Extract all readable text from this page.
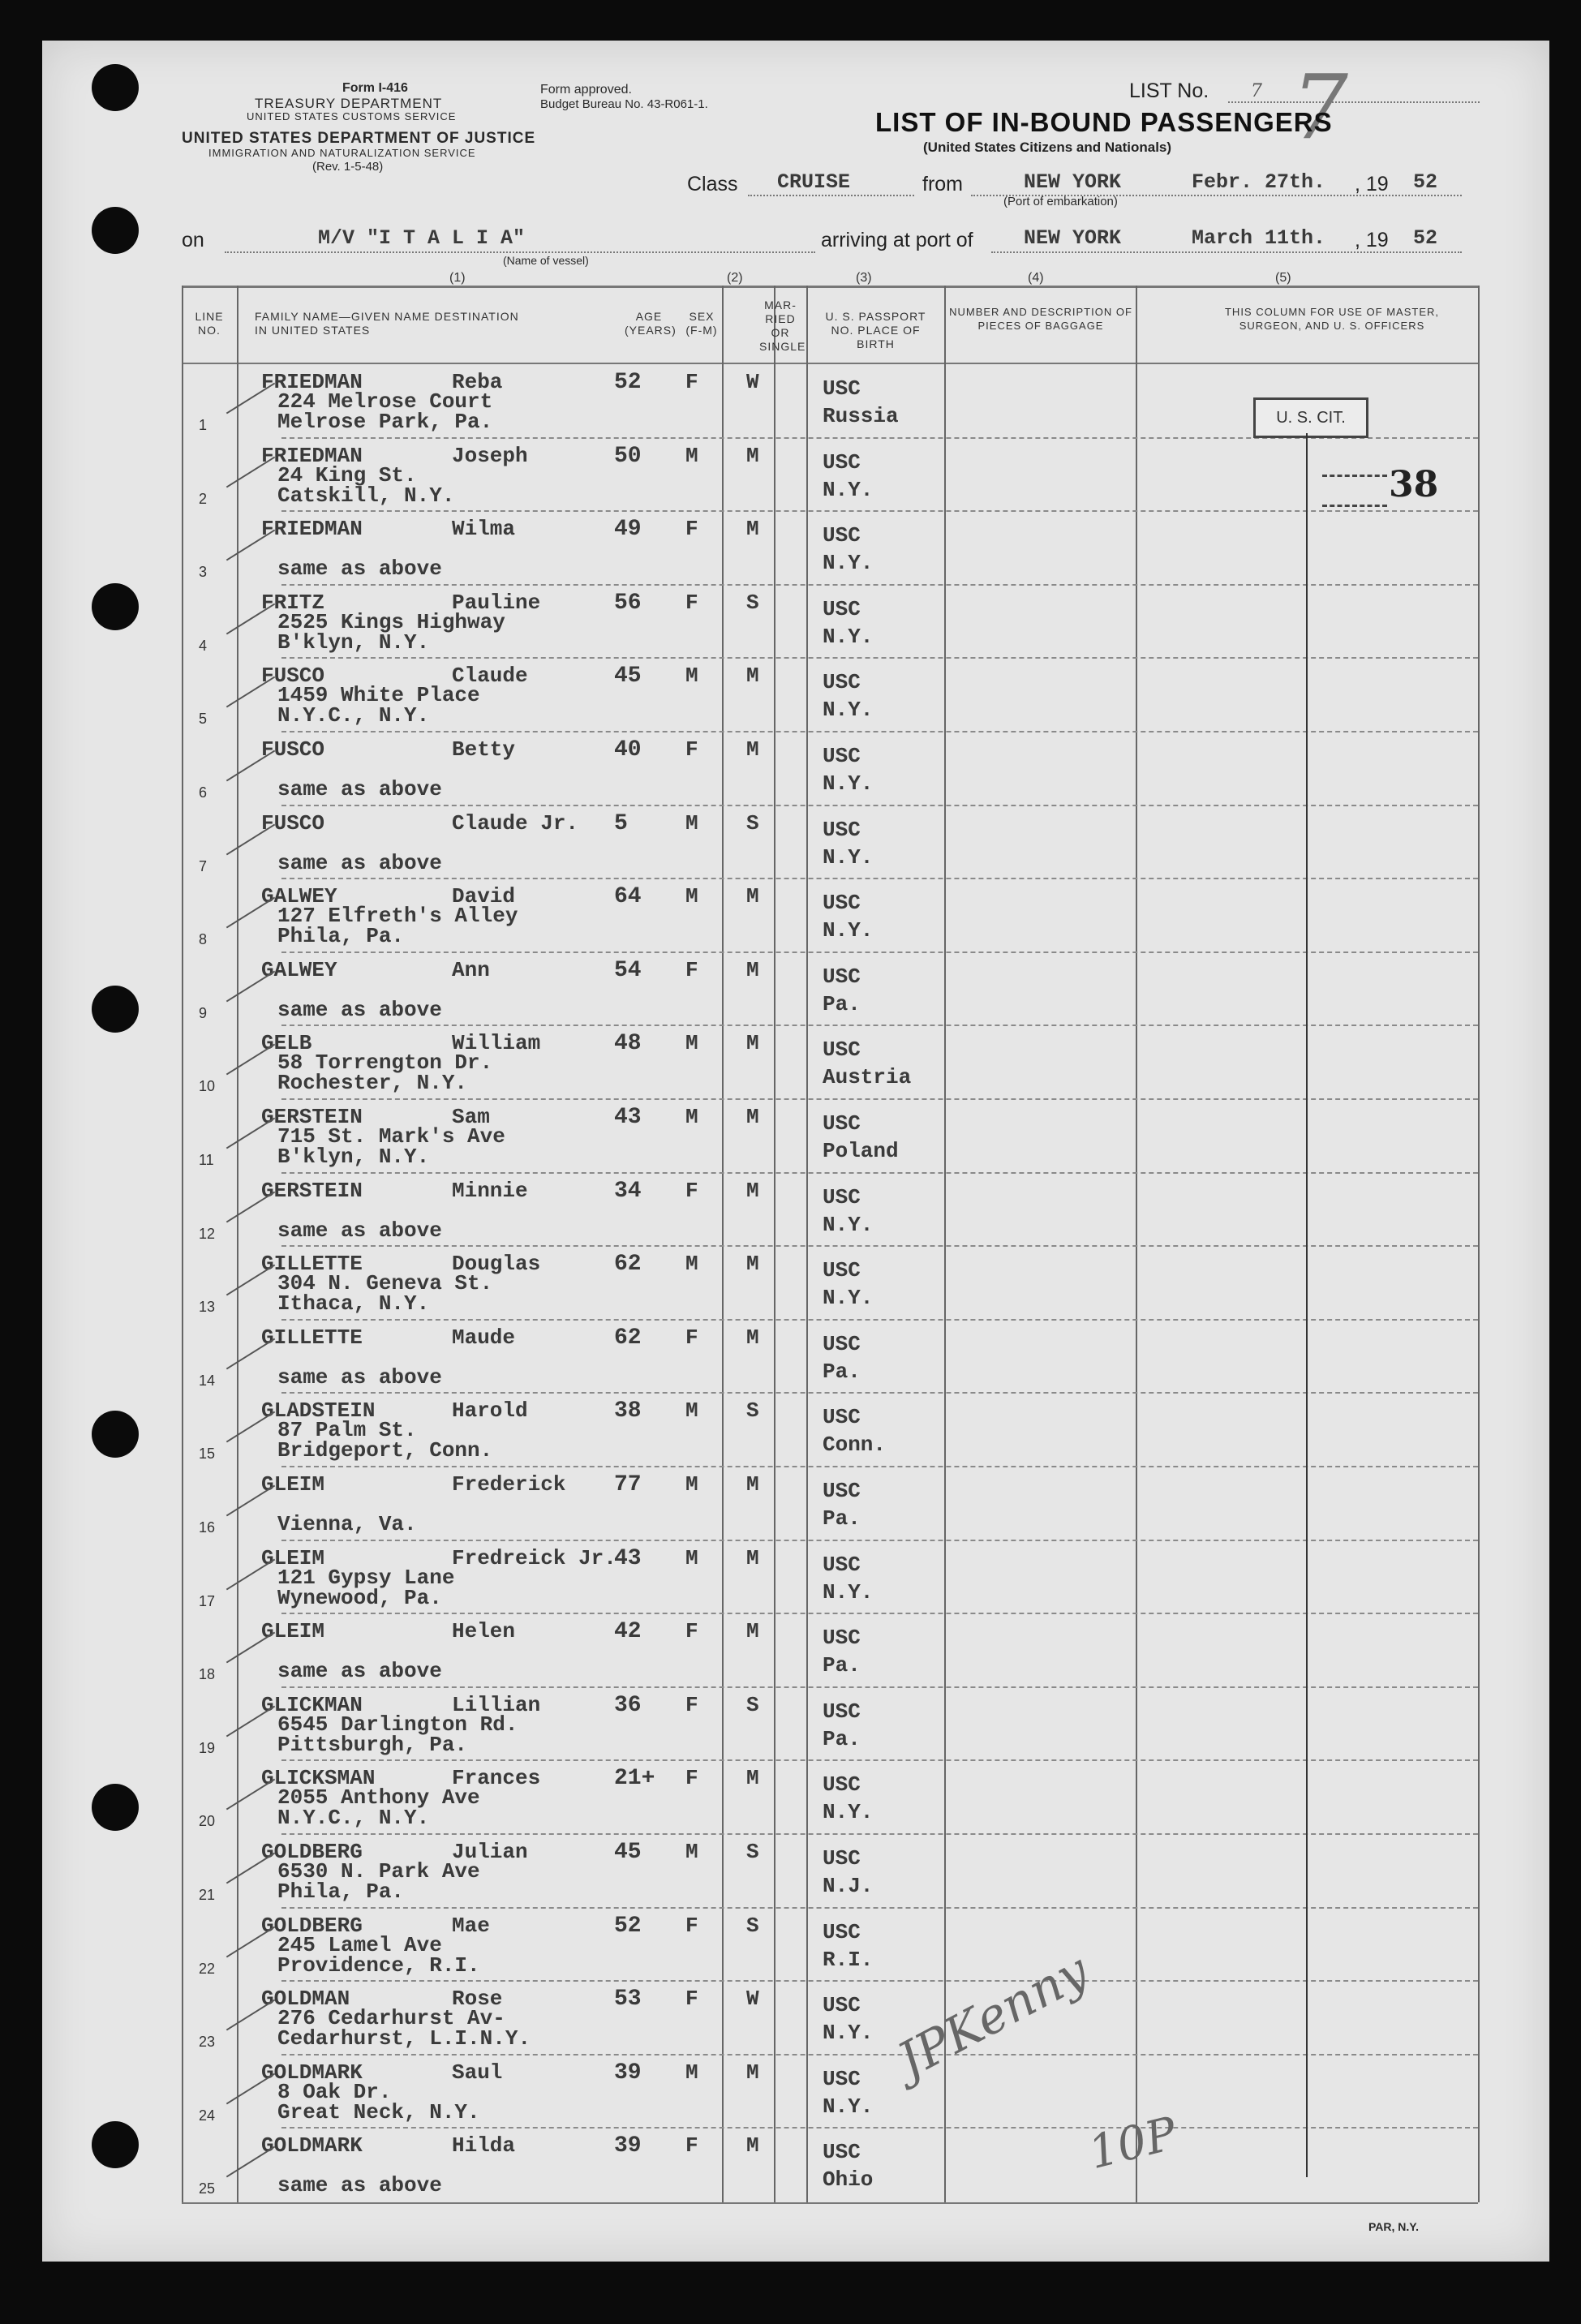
Form I-416
TREASURY DEPARTMENT
UNITED STATES CUSTOMS SERVICE
UNITED STATES DEPARTMENT OF JUSTICE
IMMIGRATION AND NATURALIZATION SERVICE
(Rev. 1-5-48)
Form approved.
Budget Bureau No. 43-R061-1.
LIST No. 7 7
LIST OF IN-BOUND PASSENGERS
(United States Citizens and Nationals)
Class CRUISE	from	NEW YORK
(Port of embarkation)
Febr. 27th. , 19 52
on	M/V "I T A L I A"
(Name of vessel)
arriving at port of NEW YORK	March 11th. , 19 52
(1)	(2)	(3)	(4)	(5)
LINE NO.
FAMILY NAME—GIVEN NAME DESTINATION IN UNITED STATES
AGE (YEARS)
SEX (F-M)
MAR- RIED OR SINGLE
U. S. PASSPORT NO. PLACE OF BIRTH
NUMBER AND DESCRIPTION OF PIECES OF BAGGAGE
THIS COLUMN FOR USE OF MASTER, SURGEON, AND U. S. OFFICERS
1
FRIEDMAN	Reba
224 Melrose Court
Melrose Park, Pa.
52 F W	USC
Russia
2
FRIEDMAN	Joseph
24 King St.
Catskill, N.Y.
50 M M	USC
N.Y.
3
FRIEDMAN	Wilma
same as above
49 F M	USC
N.Y.
4
FRITZ	Pauline
2525 Kings Highway
B'klyn, N.Y.
56 F S	USC
N.Y.
5
FUSCO	Claude
1459 White Place
N.Y.C., N.Y.
45 M M	USC
N.Y.
6
FUSCO	Betty
same as above
40 F M	USC
N.Y.
7
FUSCO	Claude Jr.
same as above
5	M S	USC
N.Y.
8
GALWEY	David
127 Elfreth's Alley
Phila, Pa.
64 M M	USC
N.Y.
9
GALWEY	Ann
same as above
54 F M	USC
Pa.
10
GELB	William
58 Torrengton Dr.
Rochester, N.Y.
48 M M	USC
Austria
11
GERSTEIN	Sam
715 St. Mark's Ave
B'klyn, N.Y.
43 M M	USC
Poland
12
GERSTEIN	Minnie
same as above
34 F M	USC
N.Y.
13
GILLETTE	Douglas
304 N. Geneva St.
Ithaca, N.Y.
62 M M	USC
N.Y.
14
GILLETTE	Maude
same as above
62 F M	USC
Pa.
15
GLADSTEIN	Harold
87 Palm St.
Bridgeport, Conn.
38 M S	USC
Conn.
16
GLEIM	Frederick
Vienna, Va.
77 M M	USC
Pa.
17
GLEIM	Fredreick Jr.
121 Gypsy Lane
Wynewood, Pa.
43 M M	USC
N.Y.
18
GLEIM	Helen
same as above
42 F M	USC
Pa.
19
GLICKMAN	Lillian
6545 Darlington Rd.
Pittsburgh, Pa.
36 F S	USC
Pa.
20
GLICKSMAN	Frances
2055 Anthony Ave
N.Y.C., N.Y.
21+ F M	USC
N.Y.
21
GOLDBERG	Julian
6530 N. Park Ave
Phila, Pa.
45 M S	USC
N.J.
22
GOLDBERG	Mae
245 Lamel Ave
Providence, R.I.
52 F S	USC
R.I.
23
GOLDMAN	Rose
276 Cedarhurst Av-
Cedarhurst, L.I.N.Y.
53 F W	USC
N.Y.
24
GOLDMARK	Saul
8 Oak Dr.
Great Neck, N.Y.
39 M M	USC
N.Y.
25
GOLDMARK	Hilda
same as above
39 F M	USC
Ohio
U. S. CIT.
38
JPKenny
10P
PAR, N.Y.
